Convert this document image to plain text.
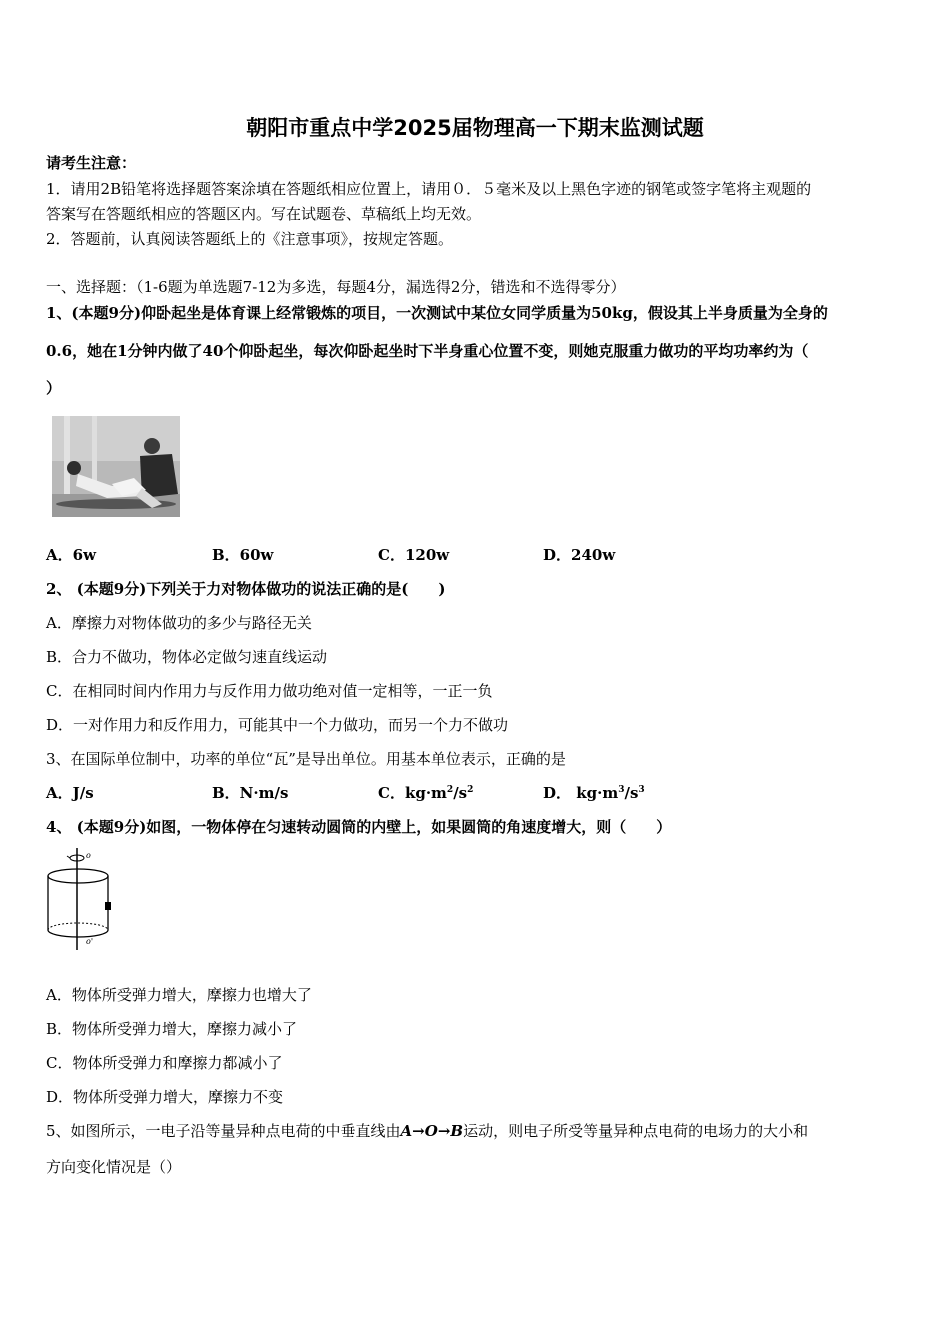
朝阳市重点中学2025届物理高一下期末监测试题
请考生注意：
1．请用2B铅笔将选择题答案涂填在答题纸相应位置上，请用０．５毫米及以上黑色字迹的钢笔或签字笔将主观题的
答案写在答题纸相应的答题区内。写在试题卷、草稿纸上均无效。
2．答题前，认真阅读答题纸上的《注意事项》，按规定答题。
一、选择题：（1-6题为单选题7-12为多选，每题4分，漏选得2分，错选和不选得零分）
1、(本题9分)仰卧起坐是体育课上经常锻炼的项目，一次测试中某位女同学质量为50kg，假设其上半身质量为全身的
0.6，她在1分钟内做了40个仰卧起坐，每次仰卧起坐时下半身重心位置不变，则她克服重力做功的平均功率约为（
）
A．6w	B．60w	C．120w	D．240w
2、 (本题9分)下列关于力对物体做功的说法正确的是(　　)
A．摩擦力对物体做功的多少与路径无关
B．合力不做功，物体必定做匀速直线运动
C．在相同时间内作用力与反作用力做功绝对值一定相等，一正一负
D．一对作用力和反作用力，可能其中一个力做功，而另一个力不做功
3、在国际单位制中，功率的单位“瓦”是导出单位。用基本单位表示，正确的是
A．J/s	B．N·m/s	C．$kg\cdot m^2/s^2$	D． $kg\cdot m^3/s^3$
4、 (本题9分)如图，一物体停在匀速转动圆筒的内壁上，如果圆筒的角速度增大，则（　　）
o
o'
A．物体所受弹力增大，摩擦力也增大了
B．物体所受弹力增大，摩擦力减小了
C．物体所受弹力和摩擦力都减小了
D．物体所受弹力增大，摩擦力不变
5、如图所示，一电子沿等量异种点电荷的中垂直线由A→O→B运动，则电子所受等量异种点电荷的电场力的大小和
方向变化情况是（）
